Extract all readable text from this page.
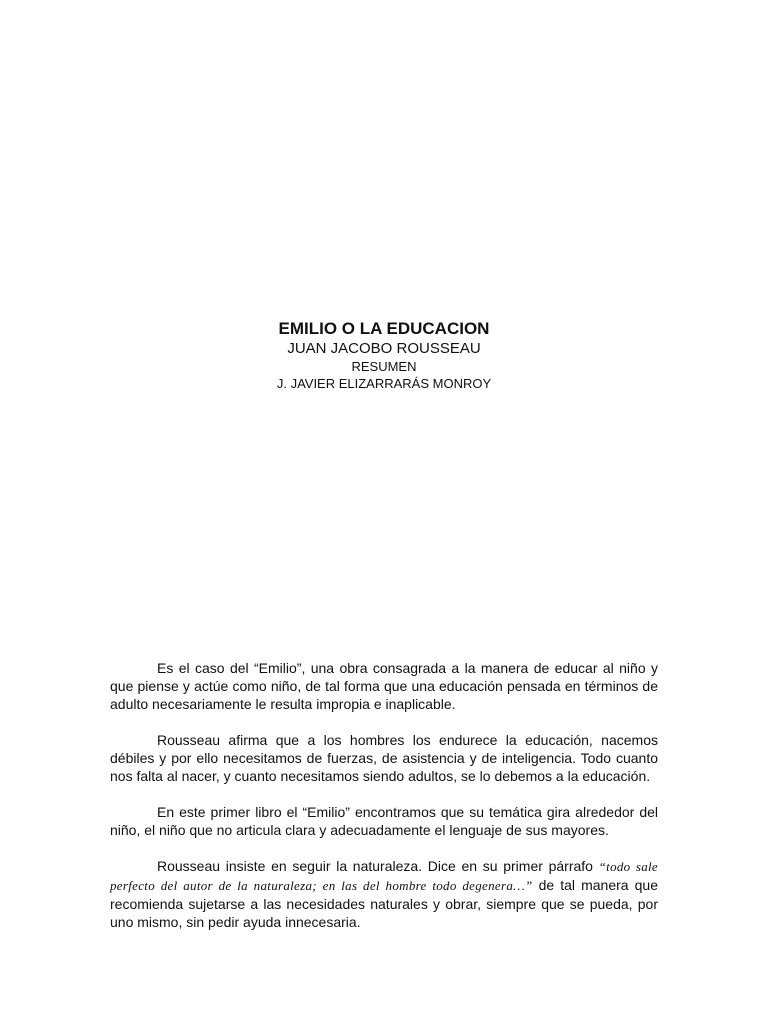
EMILIO O LA EDUCACION

JUAN JACOBO ROUSSEAU

RESUMEN

J. JAVIER ELIZARRARÁS MONROY

Es el caso del “Emilio”, una obra consagrada a la manera de educar al niño y que piense y actúe como niño, de tal forma que una educación pensada en términos de adulto necesariamente le resulta impropia e inaplicable.

Rousseau afirma que a los hombres los endurece la educación, nacemos débiles y por ello necesitamos de fuerzas, de asistencia y de inteligencia. Todo cuanto nos falta al nacer, y cuanto necesitamos siendo adultos, se lo debemos a la educación.

En este primer libro el “Emilio” encontramos que su temática gira alrededor del niño, el niño que no articula clara y adecuadamente el lenguaje de sus mayores.

Rousseau insiste en seguir la naturaleza. Dice en su primer párrafo “todo sale perfecto del autor de la naturaleza; en las del hombre todo degenera…” de tal manera que recomienda sujetarse a las necesidades naturales y obrar, siempre que se pueda, por uno mismo, sin pedir ayuda innecesaria.
